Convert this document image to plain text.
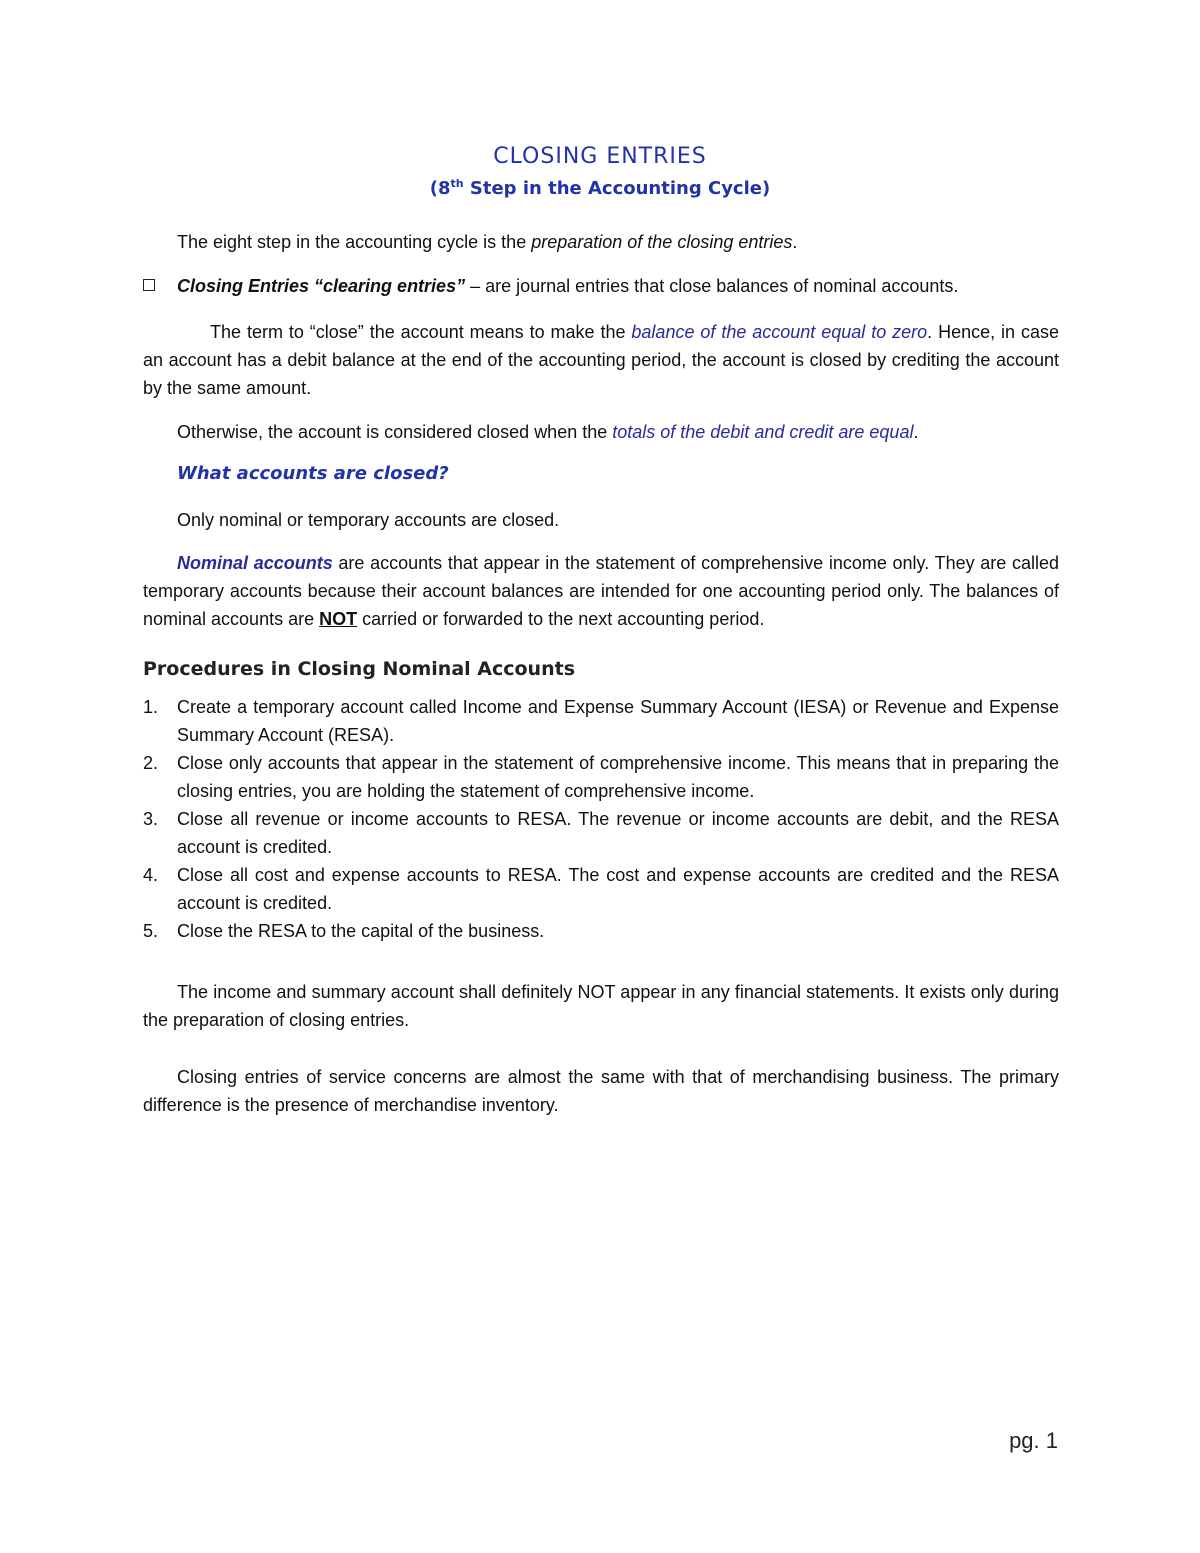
CLOSING ENTRIES
(8th Step in the Accounting Cycle)
The eight step in the accounting cycle is the preparation of the closing entries.
Closing Entries “clearing entries” – are journal entries that close balances of nominal accounts.
The term to “close” the account means to make the balance of the account equal to zero. Hence, in case an account has a debit balance at the end of the accounting period, the account is closed by crediting the account by the same amount.
Otherwise, the account is considered closed when the totals of the debit and credit are equal.
What accounts are closed?
Only nominal or temporary accounts are closed.
Nominal accounts are accounts that appear in the statement of comprehensive income only. They are called temporary accounts because their account balances are intended for one accounting period only. The balances of nominal accounts are NOT carried or forwarded to the next accounting period.
Procedures in Closing Nominal Accounts
1. Create a temporary account called Income and Expense Summary Account (IESA) or Revenue and Expense Summary Account (RESA).
2. Close only accounts that appear in the statement of comprehensive income. This means that in preparing the closing entries, you are holding the statement of comprehensive income.
3. Close all revenue or income accounts to RESA. The revenue or income accounts are debit, and the RESA account is credited.
4. Close all cost and expense accounts to RESA. The cost and expense accounts are credited and the RESA account is credited.
5. Close the RESA to the capital of the business.
The income and summary account shall definitely NOT appear in any financial statements. It exists only during the preparation of closing entries.
Closing entries of service concerns are almost the same with that of merchandising business. The primary difference is the presence of merchandise inventory.
pg. 1
